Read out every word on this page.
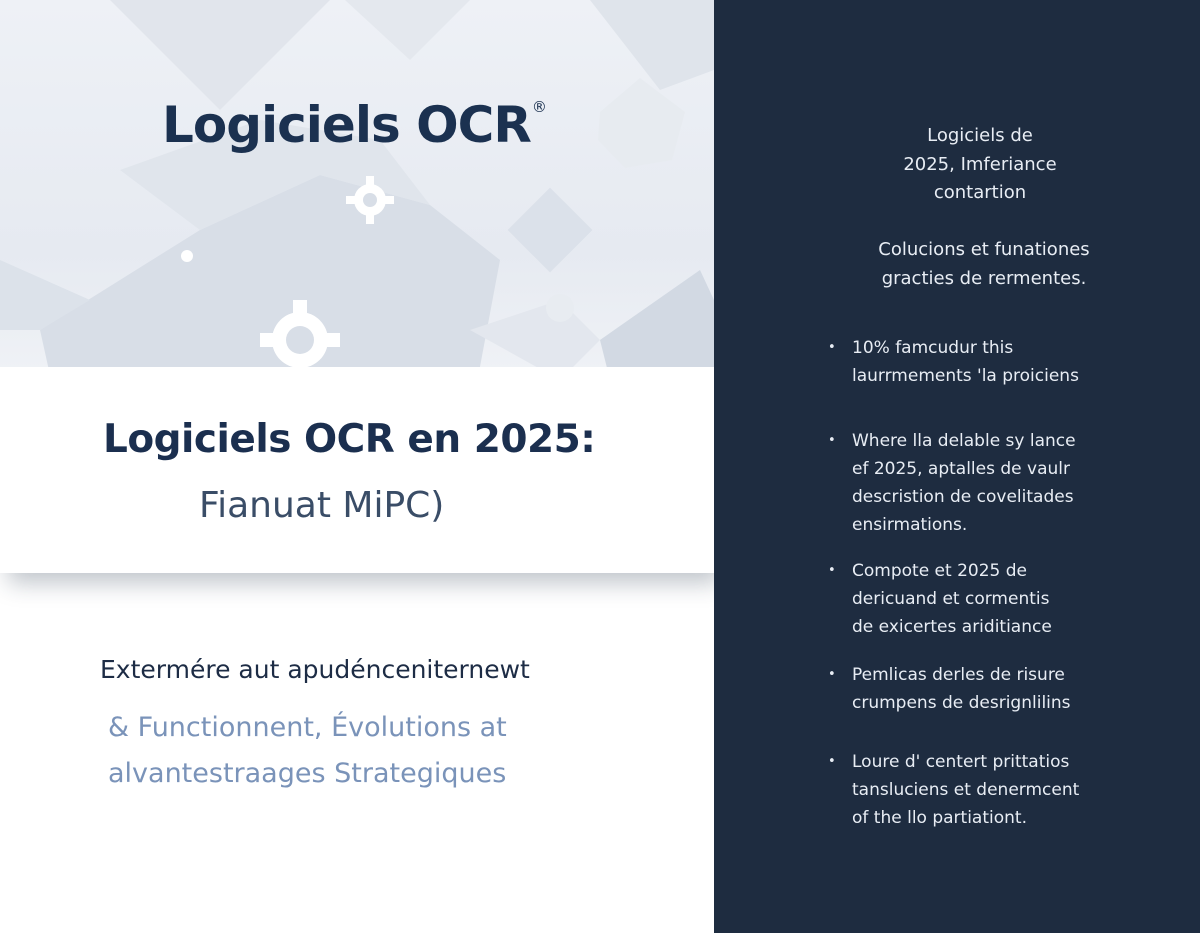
Logiciels OCR®
Logiciels OCR en 2025:
Fianuat MiPC)

Extermére aut apudénceniternewt

& Functionnent, Évolutions at
alvantestraages Strategiques

Logiciels de
2025, Imferiance
contartion

Colucions et funationes
gracties de rermentes.

• 10% famcudur this
laurrmements 'la proiciens
• Where lla delable sy lance
ef 2025, aptalles de vaulr
descristion de covelitades
ensirmations.
• Compote et 2025 de
dericuand et cormentis
de exicertes ariditiance
• Pemlicas derles de risure
crumpens de desrignlilins
• Loure d' centert prittatios
tansluciens et denermcent
of the llo partiationt.
